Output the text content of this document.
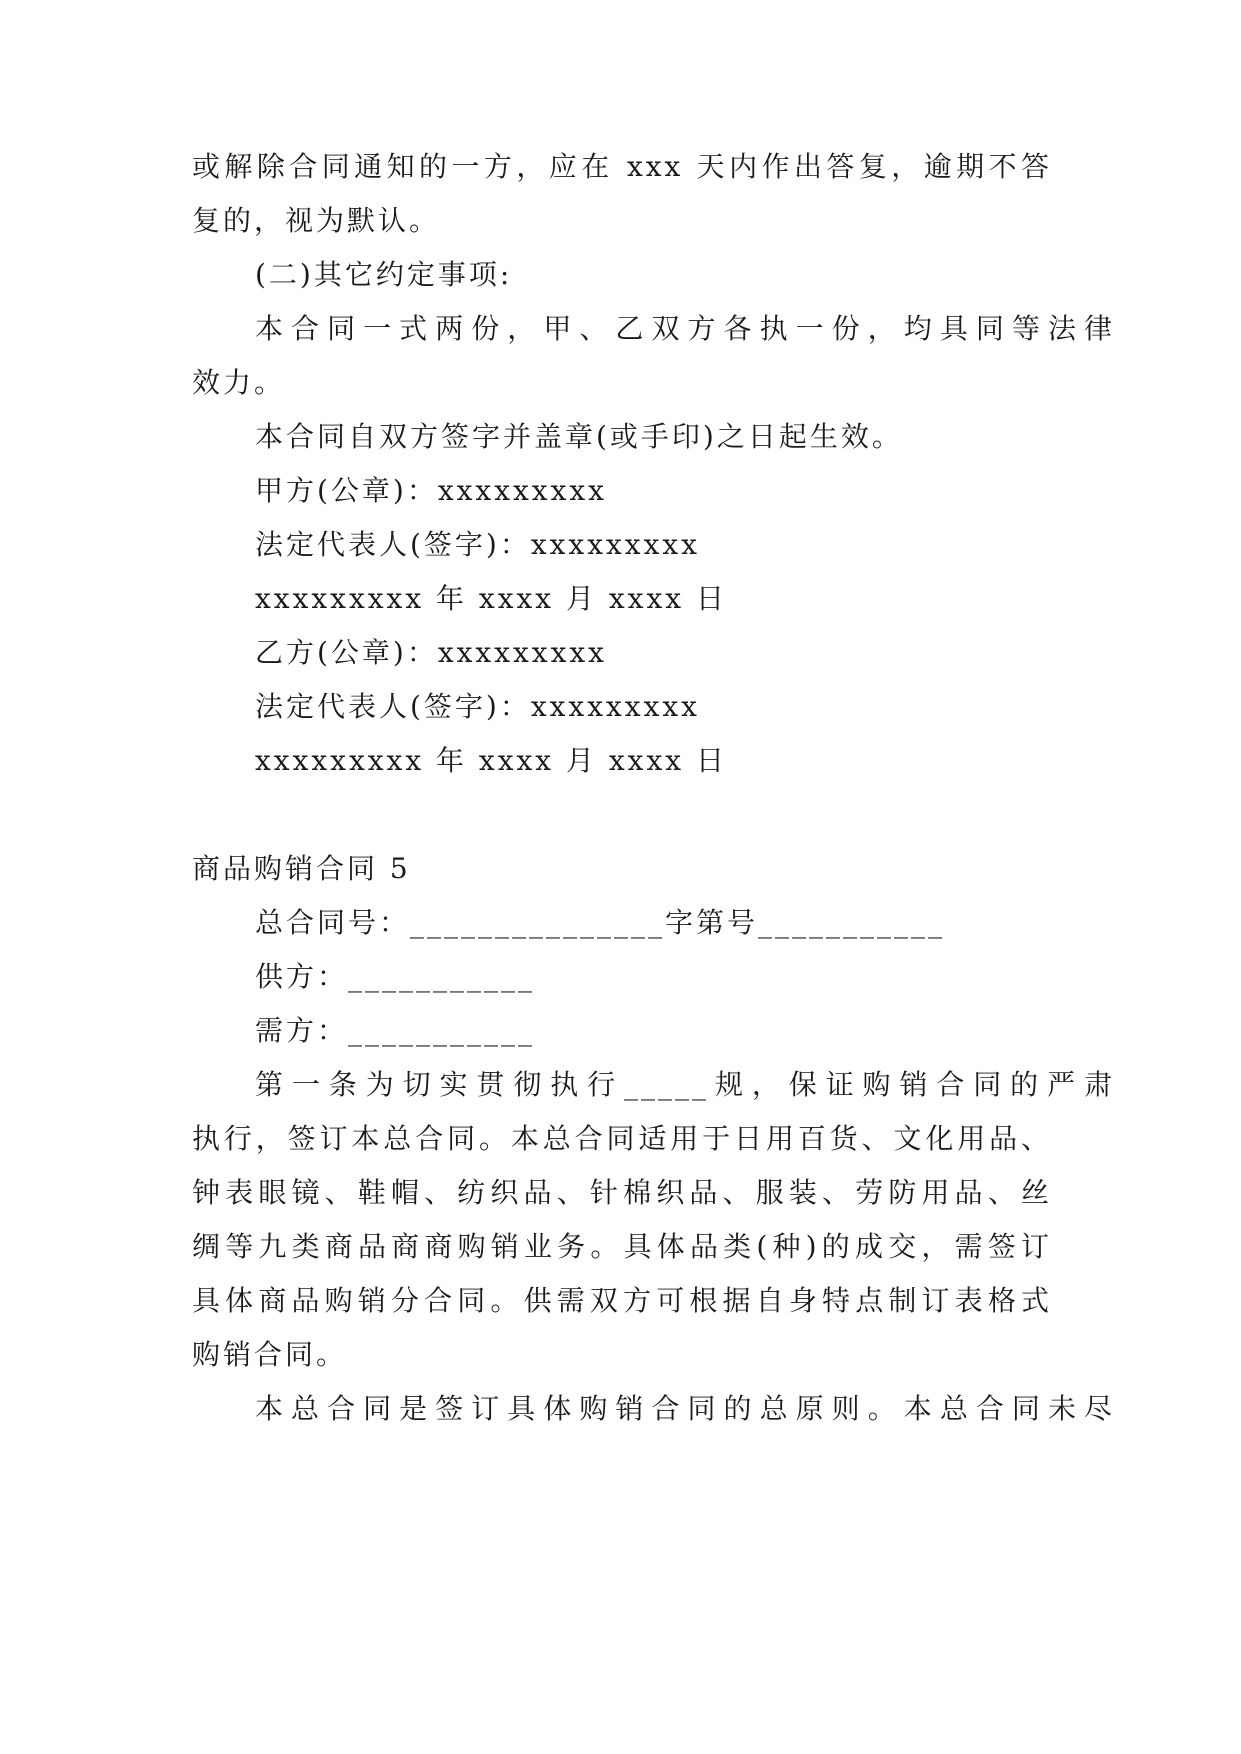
或解除合同通知的一方，应在 xxx 天内作出答复，逾期不答
复的，视为默认。
(二)其它约定事项:
本合同一式两份，甲、乙双方各执一份，均具同等法律
效力。
本合同自双方签字并盖章(或手印)之日起生效。
甲方(公章)：xxxxxxxxx
法定代表人(签字)：xxxxxxxxx
xxxxxxxxx 年 xxxx 月 xxxx 日
乙方(公章)：xxxxxxxxx
法定代表人(签字)：xxxxxxxxx
xxxxxxxxx 年 xxxx 月 xxxx 日
商品购销合同 5
总合同号：_______________字第号___________
供方：___________
需方：___________
第一条为切实贯彻执行_____规，保证购销合同的严肃
执行，签订本总合同。本总合同适用于日用百货、文化用品、
钟表眼镜、鞋帽、纺织品、针棉织品、服装、劳防用品、丝
绸等九类商品商商购销业务。具体品类(种)的成交，需签订
具体商品购销分合同。供需双方可根据自身特点制订表格式
购销合同。
本总合同是签订具体购销合同的总原则。本总合同未尽
